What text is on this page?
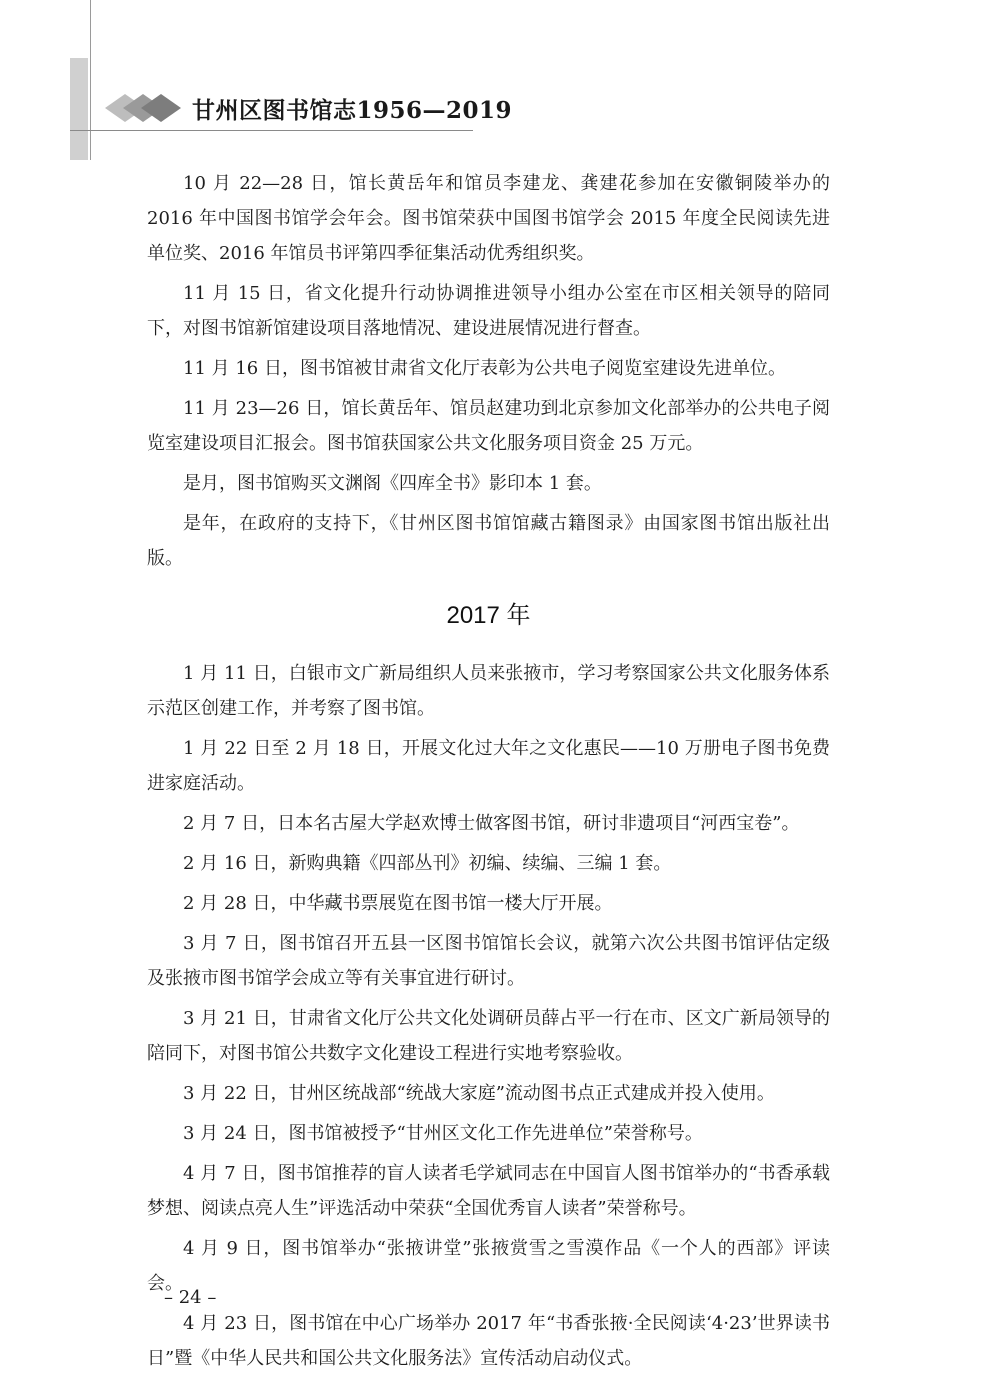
甘州区图书馆志1956—2019

10 月 22—28 日，馆长黄岳年和馆员李建龙、龚建花参加在安徽铜陵举办的 2016 年中国图书馆学会年会。图书馆荣获中国图书馆学会 2015 年度全民阅读先进单位奖、2016 年馆员书评第四季征集活动优秀组织奖。

11 月 15 日，省文化提升行动协调推进领导小组办公室在市区相关领导的陪同下，对图书馆新馆建设项目落地情况、建设进展情况进行督查。

11 月 16 日，图书馆被甘肃省文化厅表彰为公共电子阅览室建设先进单位。

11 月 23—26 日，馆长黄岳年、馆员赵建功到北京参加文化部举办的公共电子阅览室建设项目汇报会。图书馆获国家公共文化服务项目资金 25 万元。

是月，图书馆购买文渊阁《四库全书》影印本 1 套。

是年，在政府的支持下，《甘州区图书馆馆藏古籍图录》由国家图书馆出版社出版。

2017 年

1 月 11 日，白银市文广新局组织人员来张掖市，学习考察国家公共文化服务体系示范区创建工作，并考察了图书馆。

1 月 22 日至 2 月 18 日，开展文化过大年之文化惠民——10 万册电子图书免费进家庭活动。

2 月 7 日，日本名古屋大学赵欢博士做客图书馆，研讨非遗项目“河西宝卷”。

2 月 16 日，新购典籍《四部丛刊》初编、续编、三编 1 套。

2 月 28 日，中华藏书票展览在图书馆一楼大厅开展。

3 月 7 日，图书馆召开五县一区图书馆馆长会议，就第六次公共图书馆评估定级及张掖市图书馆学会成立等有关事宜进行研讨。

3 月 21 日，甘肃省文化厅公共文化处调研员薛占平一行在市、区文广新局领导的陪同下，对图书馆公共数字文化建设工程进行实地考察验收。

3 月 22 日，甘州区统战部“统战大家庭”流动图书点正式建成并投入使用。

3 月 24 日，图书馆被授予“甘州区文化工作先进单位”荣誉称号。

4 月 7 日，图书馆推荐的盲人读者毛学斌同志在中国盲人图书馆举办的“书香承载梦想、阅读点亮人生”评选活动中荣获“全国优秀盲人读者”荣誉称号。

4 月 9 日，图书馆举办“张掖讲堂”张掖赏雪之雪漠作品《一个人的西部》评读会。

4 月 23 日，图书馆在中心广场举办 2017 年“书香张掖·全民阅读‘4·23’世界读书日”暨《中华人民共和国公共文化服务法》宣传活动启动仪式。

– 24 –
